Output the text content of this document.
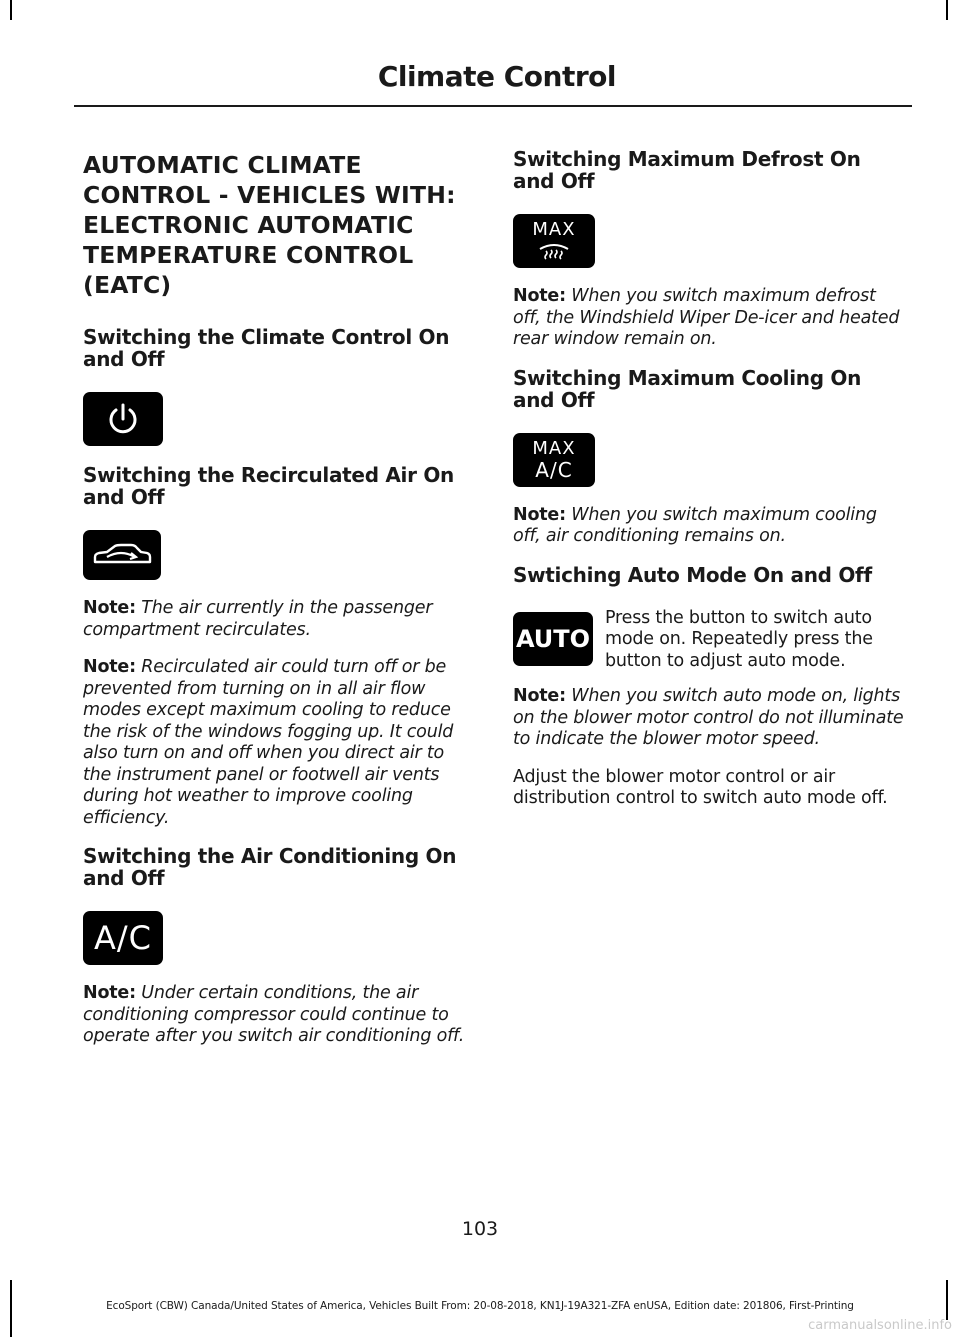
Climate Control
AUTOMATIC CLIMATE
CONTROL - VEHICLES WITH:
ELECTRONIC AUTOMATIC
TEMPERATURE CONTROL
(EATC)
Switching the Climate Control On and Off
Switching the Recirculated Air On and Off

Note: The air currently in the passenger compartment recirculates.

Note: Recirculated air could turn off or be prevented from turning on in all air flow modes except maximum cooling to reduce the risk of the windows fogging up. It could also turn on and off when you direct air to the instrument panel or footwell air vents during hot weather to improve cooling efficiency.

Switching the Air Conditioning On and Off
A/C

Note: Under certain conditions, the air conditioning compressor could continue to operate after you switch air conditioning off.

Switching Maximum Defrost On and Off
MAX

Note: When you switch maximum defrost off, the Windshield Wiper De-icer and heated rear window remain on.

Switching Maximum Cooling On and Off
MAX
A/C

Note: When you switch maximum cooling off, air conditioning remains on.

Swtiching Auto Mode On and Off
AUTO

Press the button to switch auto mode on. Repeatedly press the button to adjust auto mode.

Note: When you switch auto mode on, lights on the blower motor control do not illuminate to indicate the blower motor speed.

Adjust the blower motor control or air distribution control to switch auto mode off.

103
EcoSport (CBW) Canada/United States of America, Vehicles Built From: 20-08-2018, KN1J-19A321-ZFA enUSA, Edition date: 201806, First-Printing
carmanualsonline.info
